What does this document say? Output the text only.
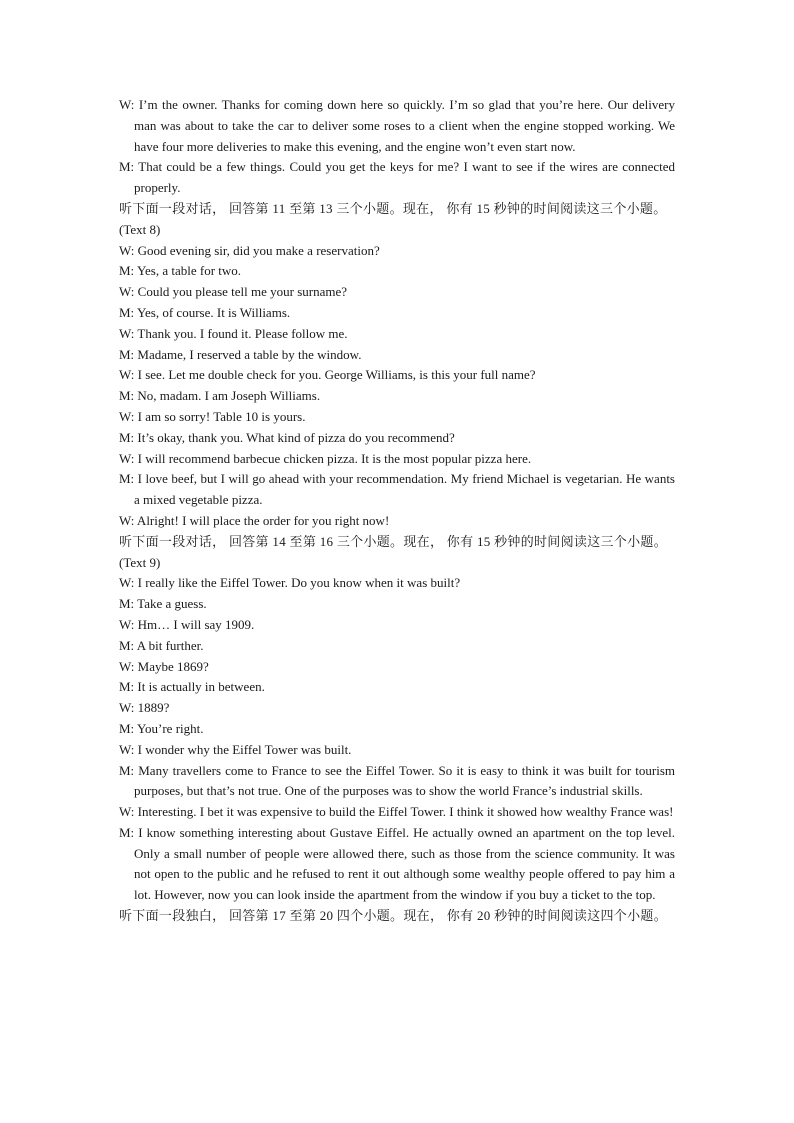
W: I’m the owner. Thanks for coming down here so quickly. I’m so glad that you’re here. Our delivery man was about to take the car to deliver some roses to a client when the engine stopped working. We have four more deliveries to make this evening, and the engine won’t even start now.

M: That could be a few things. Could you get the keys for me? I want to see if the wires are connected properly.

听下面一段对话， 回答第 11 至第 13 三个小题。现在， 你有 15 秒钟的时间阅读这三个小题。

(Text 8)

W: Good evening sir, did you make a reservation?

M: Yes, a table for two.

W: Could you please tell me your surname?

M: Yes, of course. It is Williams.

W: Thank you. I found it. Please follow me.

M: Madame, I reserved a table by the window.

W: I see. Let me double check for you. George Williams, is this your full name?

M: No, madam. I am Joseph Williams.

W: I am so sorry! Table 10 is yours.

M: It’s okay, thank you. What kind of pizza do you recommend?

W: I will recommend barbecue chicken pizza. It is the most popular pizza here.

M: I love beef, but I will go ahead with your recommendation. My friend Michael is vegetarian. He wants a mixed vegetable pizza.

W: Alright! I will place the order for you right now!

听下面一段对话， 回答第 14 至第 16 三个小题。现在， 你有 15 秒钟的时间阅读这三个小题。

(Text 9)

W: I really like the Eiffel Tower. Do you know when it was built?

M: Take a guess.

W: Hm… I will say 1909.

M: A bit further.

W: Maybe 1869?

M: It is actually in between.

W: 1889?

M: You’re right.

W: I wonder why the Eiffel Tower was built.

M: Many travellers come to France to see the Eiffel Tower. So it is easy to think it was built for tourism purposes, but that’s not true. One of the purposes was to show the world France’s industrial skills.

W: Interesting. I bet it was expensive to build the Eiffel Tower. I think it showed how wealthy France was!

M: I know something interesting about Gustave Eiffel. He actually owned an apartment on the top level. Only a small number of people were allowed there, such as those from the science community. It was not open to the public and he refused to rent it out although some wealthy people offered to pay him a lot. However, now you can look inside the apartment from the window if you buy a ticket to the top.

听下面一段独白， 回答第 17 至第 20 四个小题。现在， 你有 20 秒钟的时间阅读这四个小题。
